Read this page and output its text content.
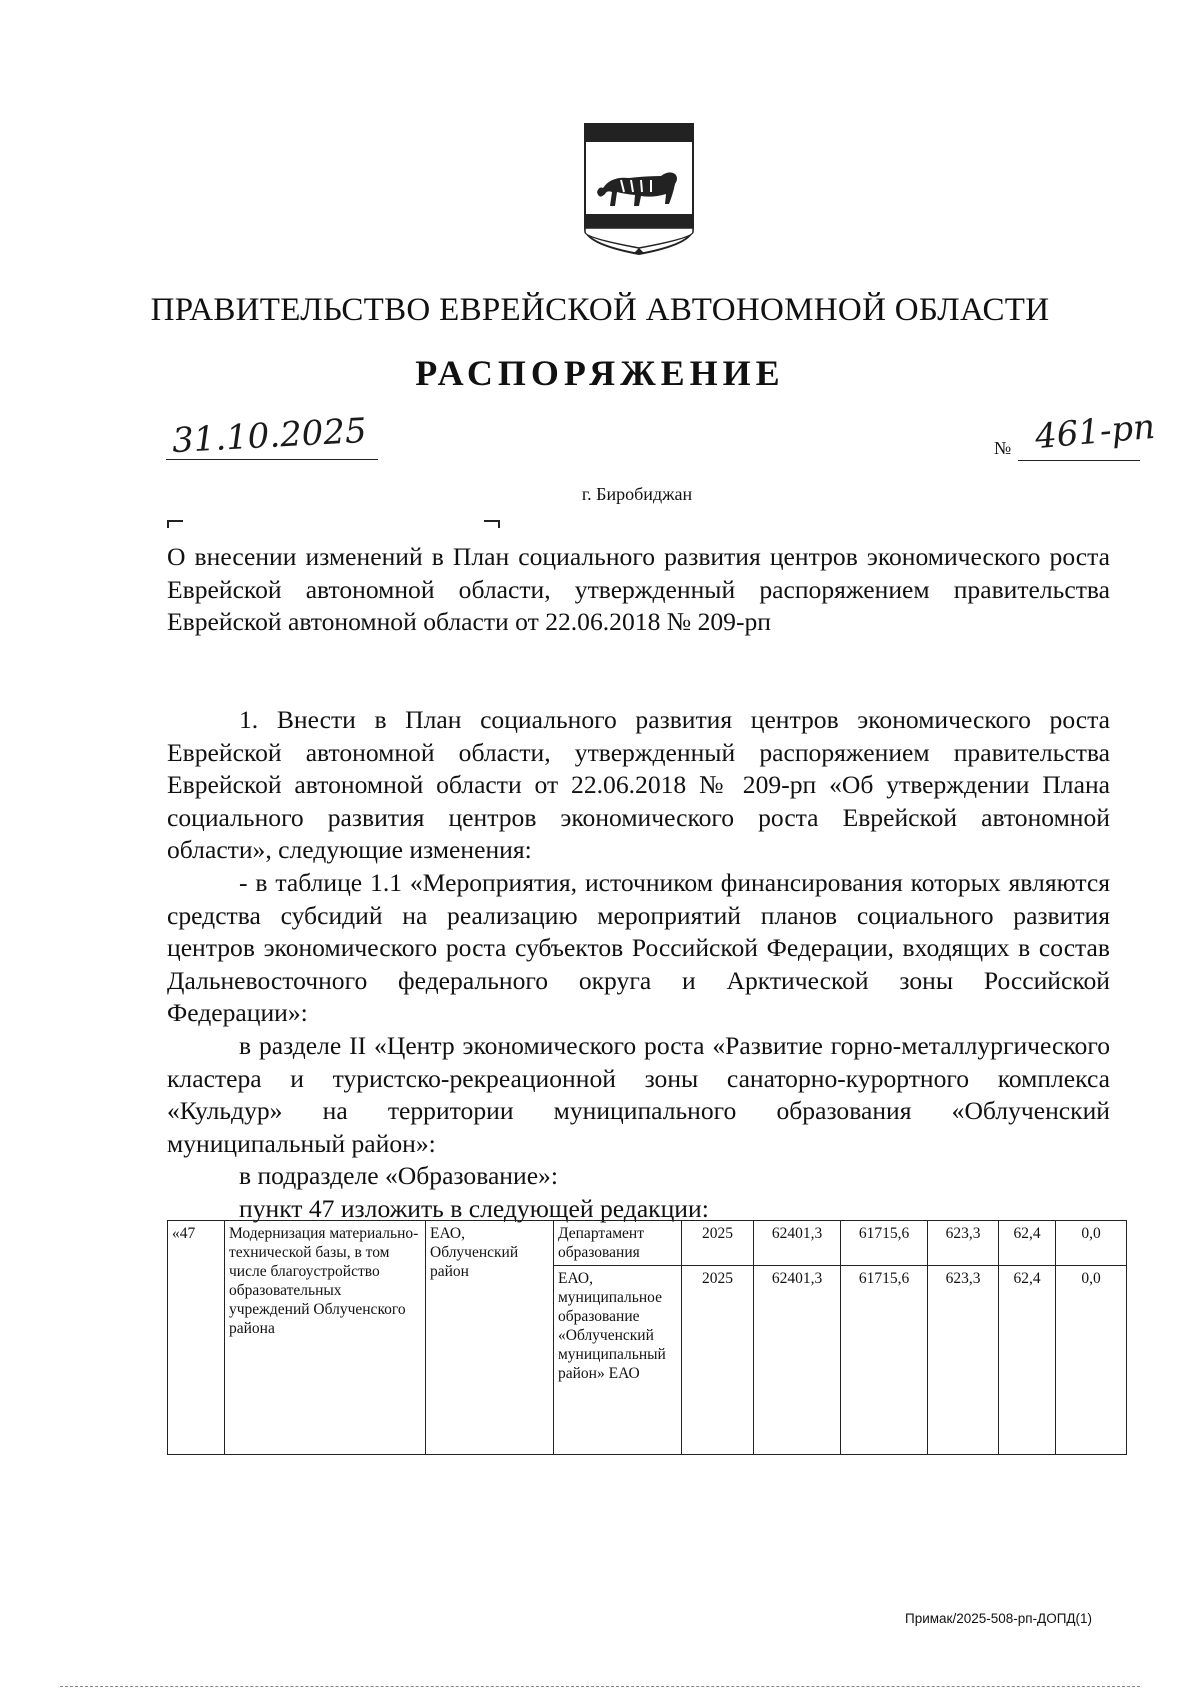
ПРАВИТЕЛЬСТВО ЕВРЕЙСКОЙ АВТОНОМНОЙ ОБЛАСТИ
РАСПОРЯЖЕНИЕ
31.10.2025	№ 461-рп
г. Биробиджан
О внесении изменений в План социального развития центров экономического роста Еврейской автономной области, утвержденный распоряжением правительства Еврейской автономной области от 22.06.2018 № 209-рп
1. Внести в План социального развития центров экономического роста Еврейской автономной области, утвержденный распоряжением правительства Еврейской автономной области от 22.06.2018 № 209-рп «Об утверждении Плана социального развития центров экономического роста Еврейской автономной области», следующие изменения:
- в таблице 1.1 «Мероприятия, источником финансирования которых являются средства субсидий на реализацию мероприятий планов социального развития центров экономического роста субъектов Российской Федерации, входящих в состав Дальневосточного федерального округа и Арктической зоны Российской Федерации»:
в разделе II «Центр экономического роста «Развитие горно-металлургического кластера и туристско-рекреационной зоны санаторно-курортного комплекса «Кульдур» на территории муниципального образования «Облученский муниципальный район»:
в подразделе «Образование»:
пункт 47 изложить в следующей редакции:
«47	Модернизация материально-технической базы, в том числе благоустройство образовательных учреждений Облученского района	ЕАО, Облученский район	Департамент образования	2025	62401,3	61715,6	623,3	62,4	0,0
			ЕАО, муниципальное образование «Облученский муниципальный район» ЕАО	2025	62401,3	61715,6	623,3	62,4	0,0
Примак/2025-508-рп-ДОПД(1)
